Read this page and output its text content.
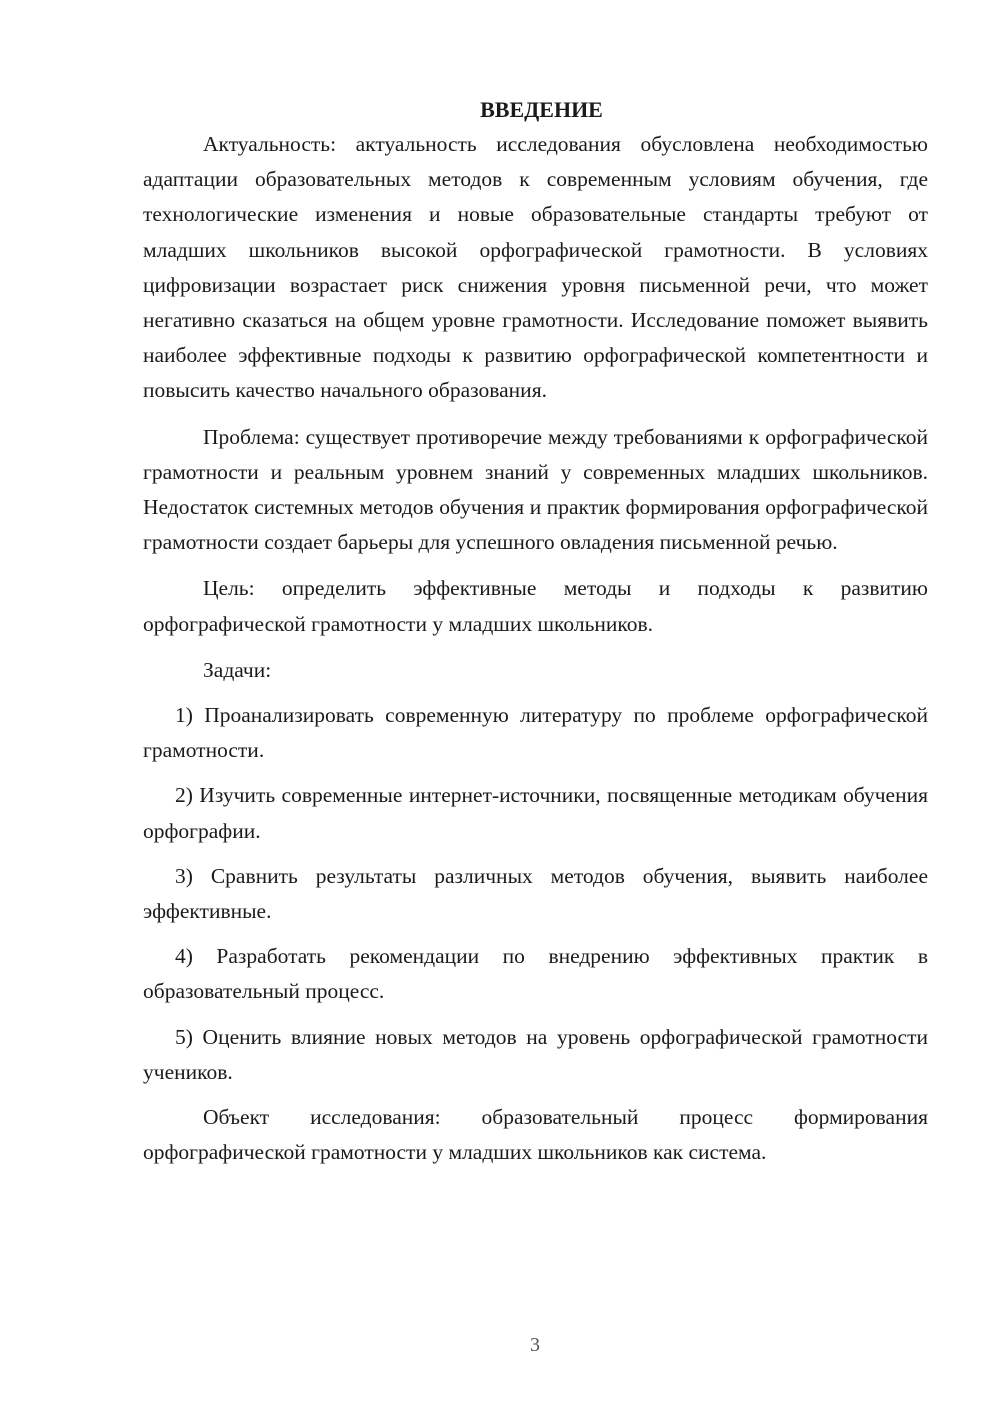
ВВЕДЕНИЕ

Актуальность: актуальность исследования обусловлена необходимостью адаптации образовательных методов к современным условиям обучения, где технологические изменения и новые образовательные стандарты требуют от младших школьников высокой орфографической грамотности. В условиях цифровизации возрастает риск снижения уровня письменной речи, что может негативно сказаться на общем уровне грамотности. Исследование поможет выявить наиболее эффективные подходы к развитию орфографической компетентности и повысить качество начального образования.

Проблема: существует противоречие между требованиями к орфографической грамотности и реальным уровнем знаний у современных младших школьников. Недостаток системных методов обучения и практик формирования орфографической грамотности создает барьеры для успешного овладения письменной речью.

Цель: определить эффективные методы и подходы к развитию орфографической грамотности у младших школьников.

Задачи:

1) Проанализировать современную литературу по проблеме орфографической грамотности.

2) Изучить современные интернет-источники, посвященные методикам обучения орфографии.

3) Сравнить результаты различных методов обучения, выявить наиболее эффективные.

4) Разработать рекомендации по внедрению эффективных практик в образовательный процесс.

5) Оценить влияние новых методов на уровень орфографической грамотности учеников.

Объект исследования: образовательный процесс формирования орфографической грамотности у младших школьников как система.

3
